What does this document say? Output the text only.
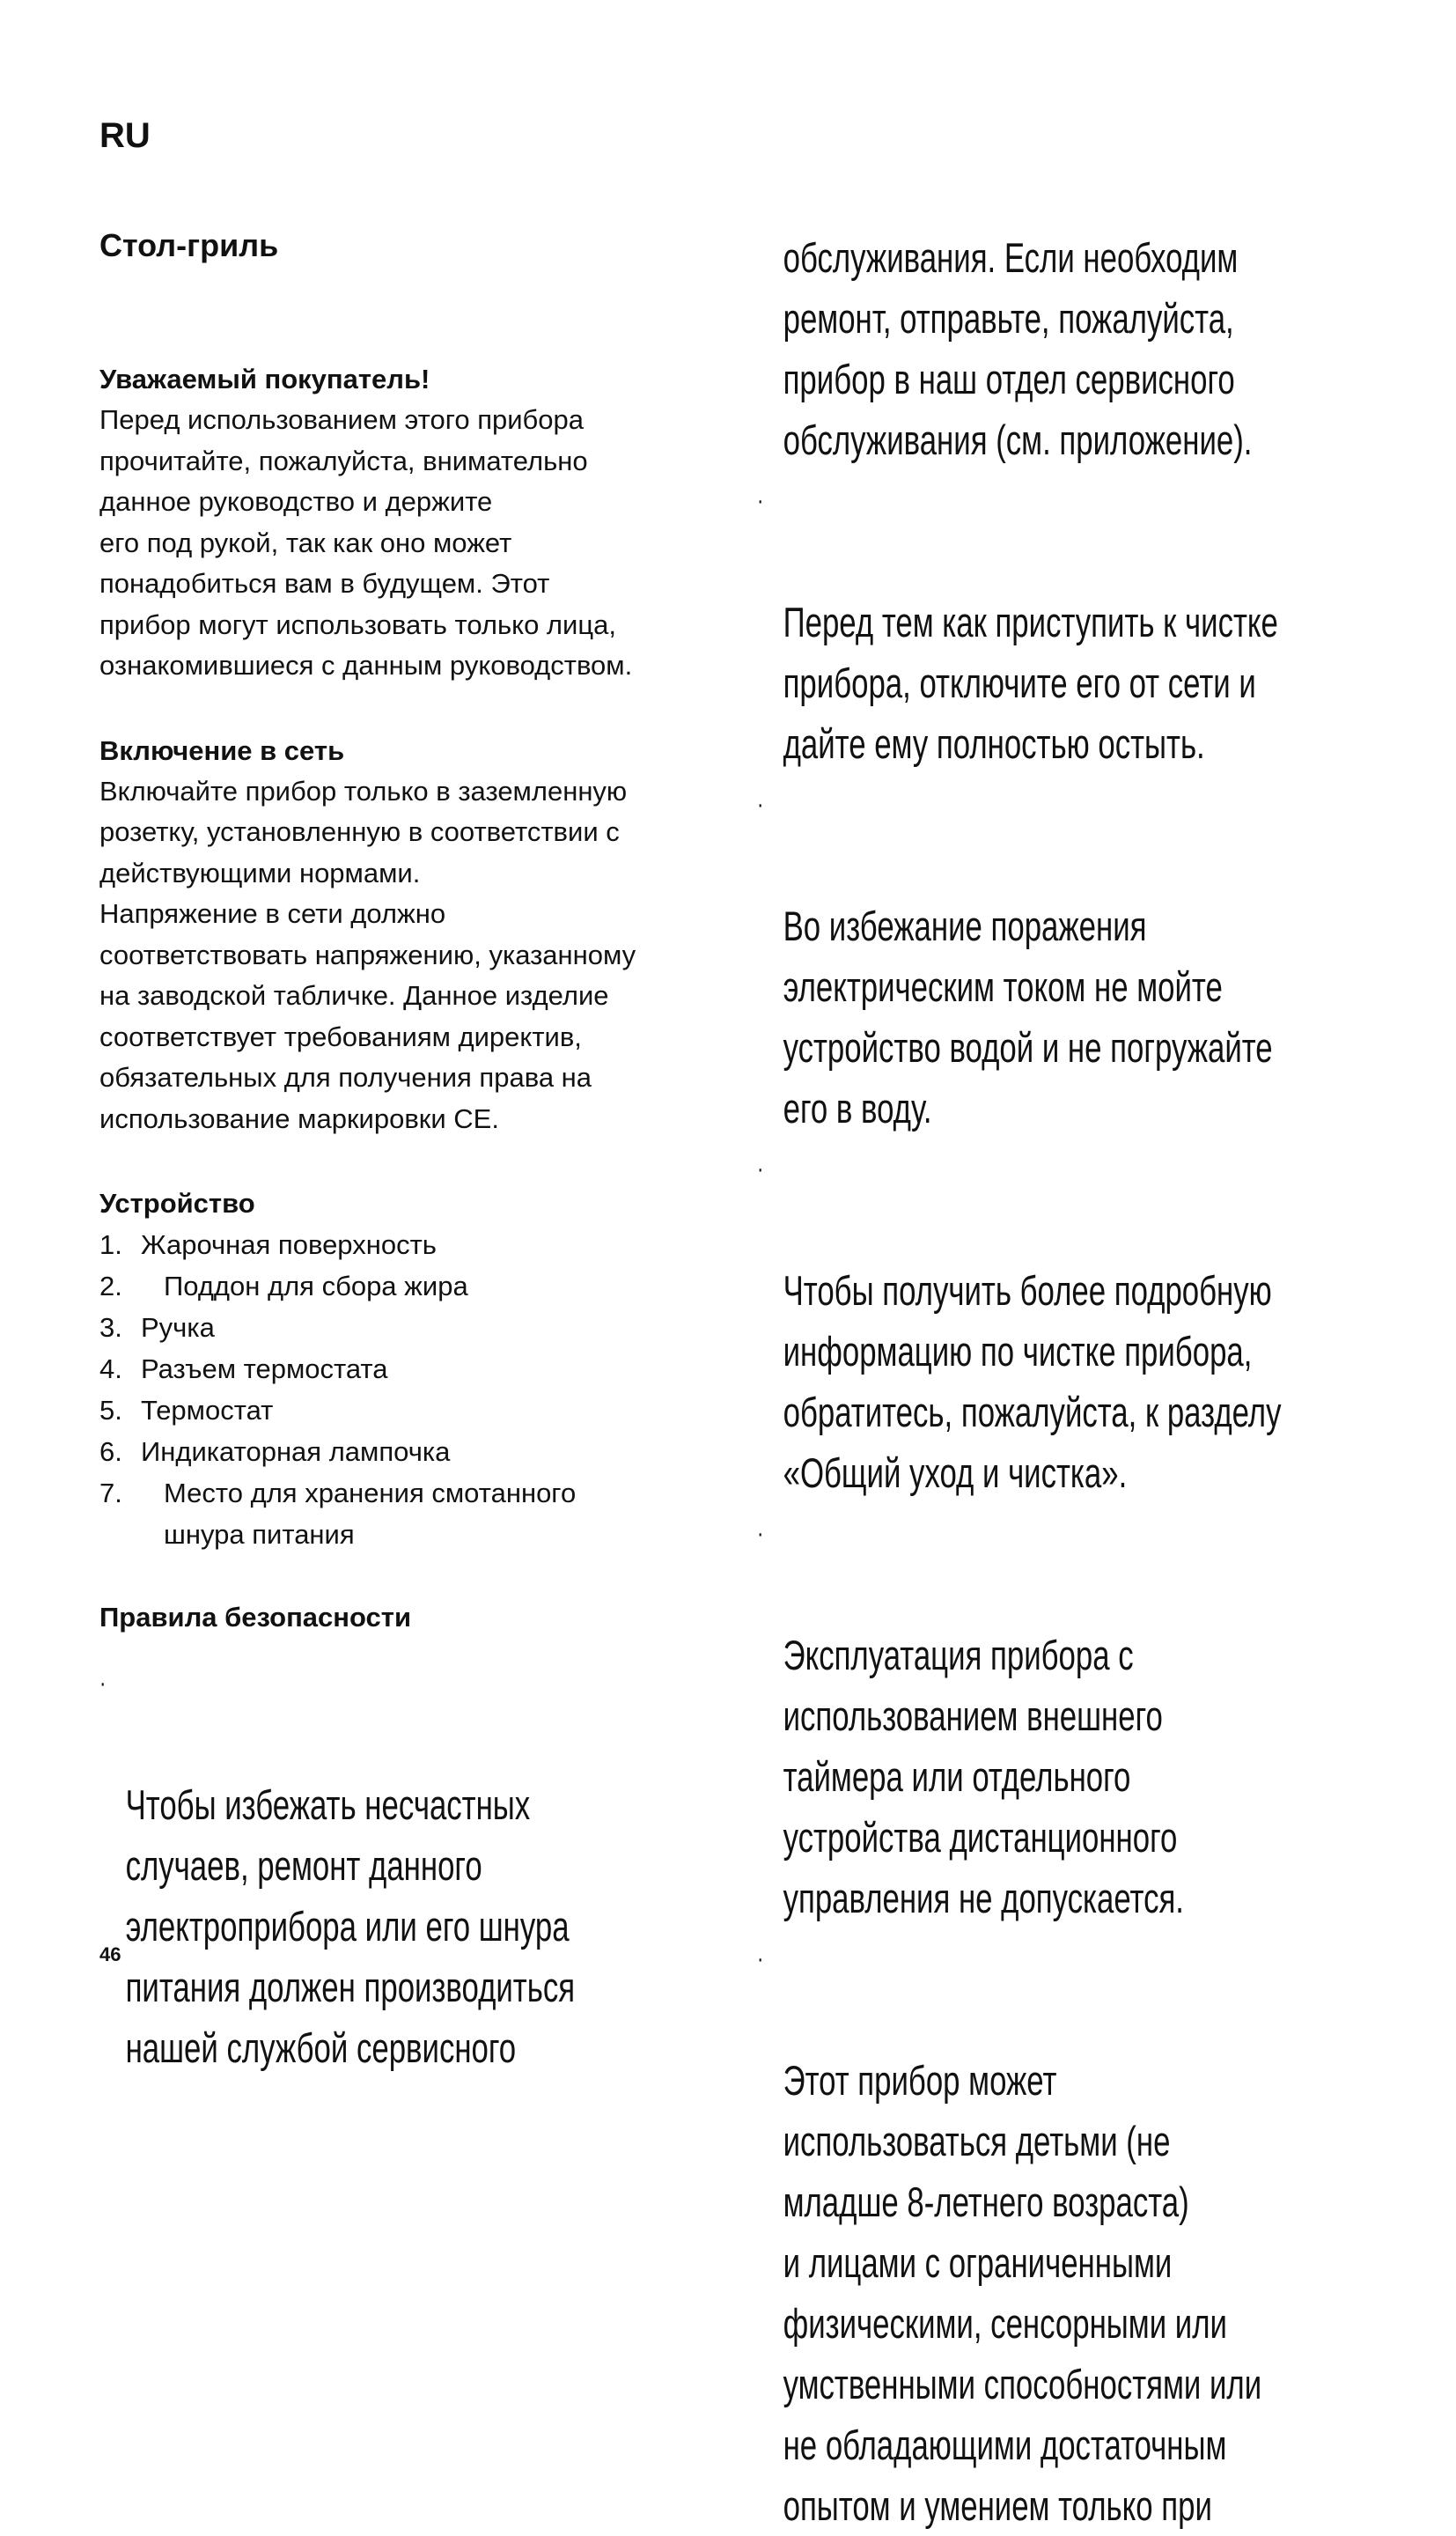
RU
Стол-гриль
Уважаемый покупатель!
Перед использованием этого прибора
прочитайте, пожалуйста, внимательно
данное руководство и держите
его под рукой, так как оно может
понадобиться вам в будущем. Этот
прибор могут использовать только лица,
ознакомившиеся с данным руководством.
Включение в сеть
Включайте прибор только в заземленную
розетку, установленную в соответствии с
действующими нормами.
Напряжение в сети должно
соответствовать напряжению, указанному
на заводской табличке. Данное изделие
соответствует требованиям директив,
обязательных для получения права на
использование маркировки CE.
Устройство
1. Жарочная поверхность
2. Поддон для сбора жира
3. Ручка
4. Разъем термостата
5. Термостат
6. Индикаторная лампочка
7. Место для хранения смотанного
шнура питания
Правила безопасности

·

Чтобы избежать несчастных
случаев, ремонт данного
электроприбора или его шнура
питания должен производиться
нашей службой сервисного

обслуживания. Если необходим
ремонт, отправьте, пожалуйста,
прибор в наш отдел сервисного
обслуживания (см. приложение).

·

Перед тем как приступить к чистке
прибора, отключите его от сети и
дайте ему полностью остыть.

·

Во избежание поражения
электрическим током не мойте
устройство водой и не погружайте
его в воду.

·

Чтобы получить более подробную
информацию по чистке прибора,
обратитесь, пожалуйста, к разделу
«Общий уход и чистка».

·

Эксплуатация прибора с
использованием внешнего
таймера или отдельного
устройства дистанционного
управления не допускается.

·

Этот прибор может
использоваться детьми (не
младше 8-летнего возраста)
и лицами с ограниченными
физическими, сенсорными или
умственными способностями или
не обладающими достаточным
опытом и умением только при

46
